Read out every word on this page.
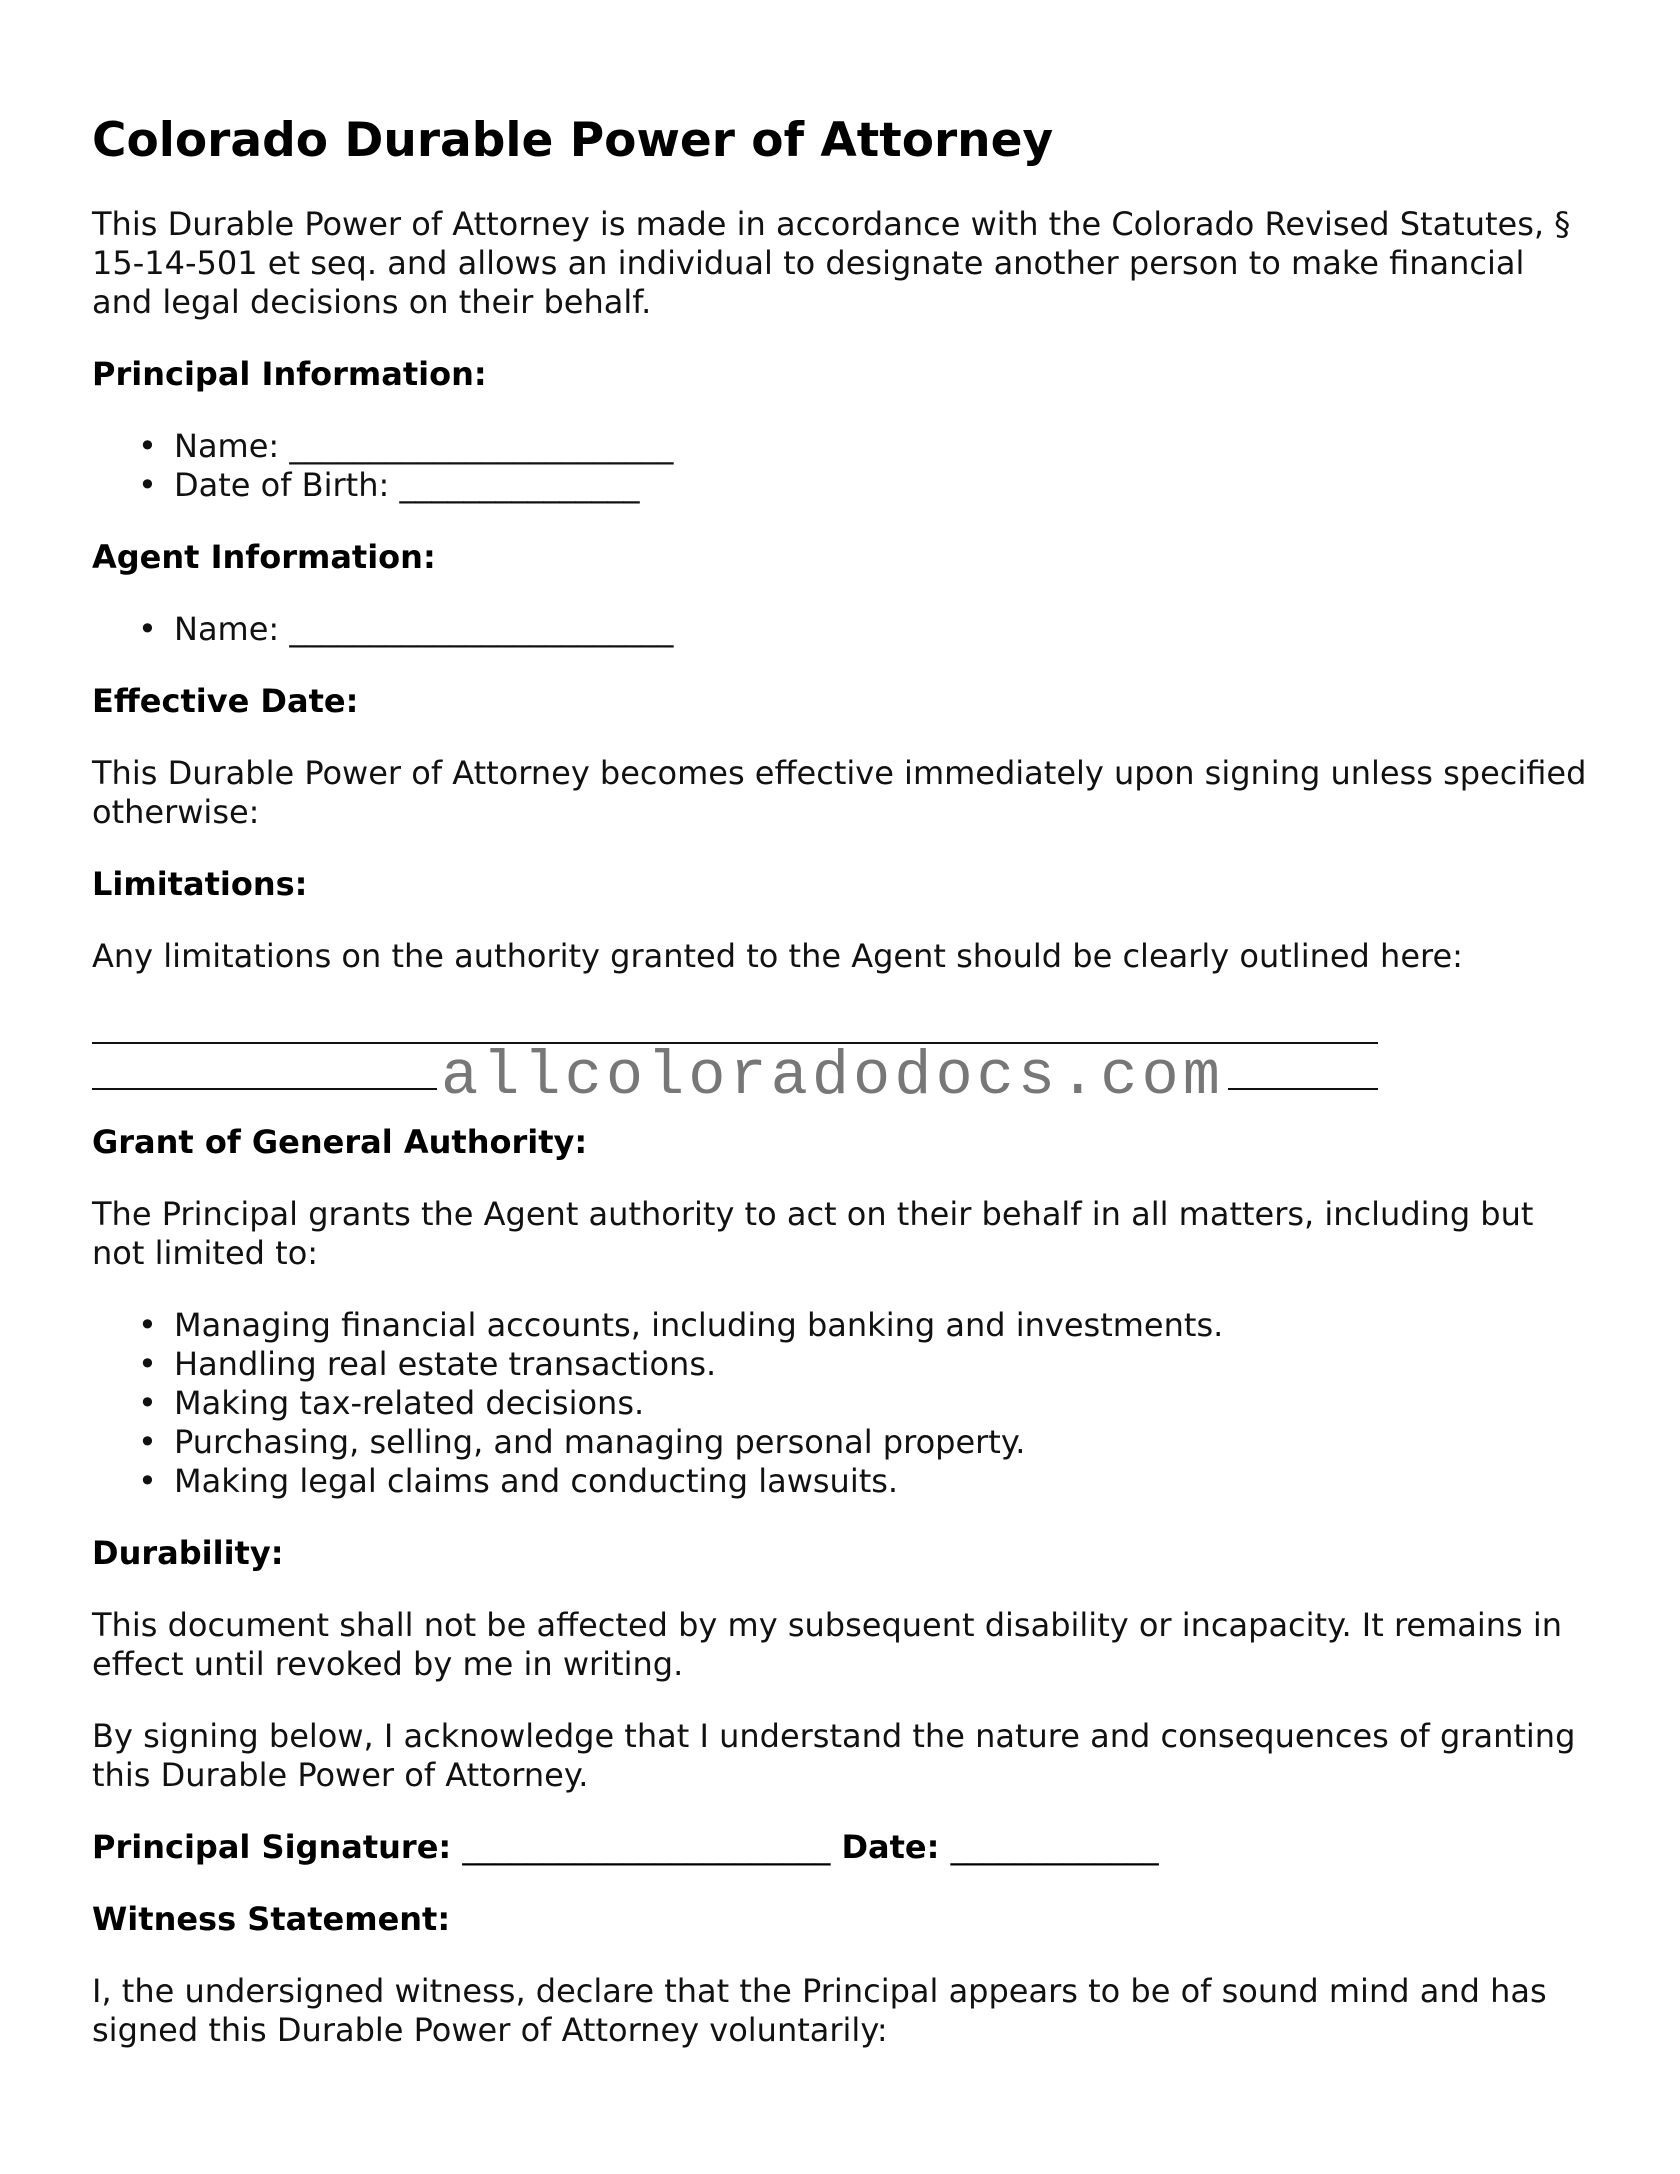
Colorado Durable Power of Attorney

This Durable Power of Attorney is made in accordance with the Colorado Revised Statutes, § 15-14-501 et seq. and allows an individual to designate another person to make financial and legal decisions on their behalf.

Principal Information:
• Name: ________________________
• Date of Birth: _______________
Agent Information:
• Name: ________________________
Effective Date:

This Durable Power of Attorney becomes effective immediately upon signing unless specified otherwise:

Limitations:

Any limitations on the authority granted to the Agent should be clearly outlined here:

allcoloradodocs.com
Grant of General Authority:

The Principal grants the Agent authority to act on their behalf in all matters, including but not limited to:

• Managing financial accounts, including banking and investments.
• Handling real estate transactions.
• Making tax-related decisions.
• Purchasing, selling, and managing personal property.
• Making legal claims and conducting lawsuits.
Durability:

This document shall not be affected by my subsequent disability or incapacity. It remains in effect until revoked by me in writing.

By signing below, I acknowledge that I understand the nature and consequences of granting this Durable Power of Attorney.

Principal Signature: _______________________ Date: _____________
Witness Statement:

I, the undersigned witness, declare that the Principal appears to be of sound mind and has signed this Durable Power of Attorney voluntarily:
